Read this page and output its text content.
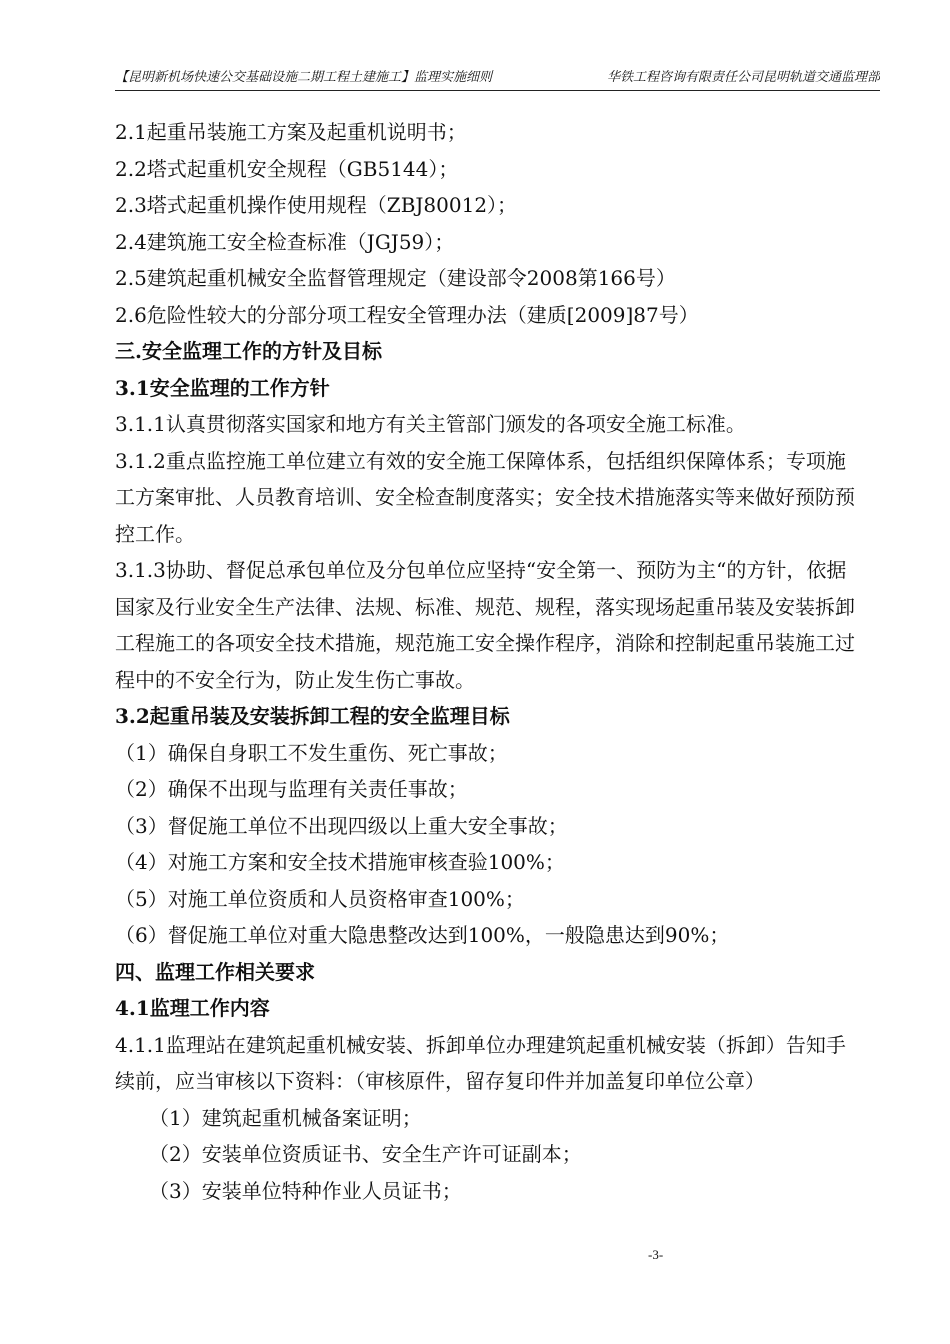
【昆明新机场快速公交基础设施二期工程土建施工】监理实施细则	华铁工程咨询有限责任公司昆明轨道交通监理部
2.1起重吊装施工方案及起重机说明书；
2.2塔式起重机安全规程（GB5144）；
2.3塔式起重机操作使用规程（ZBJ80012）；
2.4建筑施工安全检查标准（JGJ59）；
2.5建筑起重机械安全监督管理规定（建设部令2008第166号）
2.6危险性较大的分部分项工程安全管理办法（建质[2009]87号）
三.安全监理工作的方针及目标
3.1安全监理的工作方针
3.1.1认真贯彻落实国家和地方有关主管部门颁发的各项安全施工标准。
3.1.2重点监控施工单位建立有效的安全施工保障体系，包括组织保障体系；专项施工方案审批、人员教育培训、安全检查制度落实；安全技术措施落实等来做好预防预控工作。
3.1.3协助、督促总承包单位及分包单位应坚持“安全第一、预防为主“的方针，依据国家及行业安全生产法律、法规、标准、规范、规程，落实现场起重吊装及安装拆卸工程施工的各项安全技术措施，规范施工安全操作程序，消除和控制起重吊装施工过程中的不安全行为，防止发生伤亡事故。
3.2起重吊装及安装拆卸工程的安全监理目标
（1）确保自身职工不发生重伤、死亡事故；
（2）确保不出现与监理有关责任事故；
（3）督促施工单位不出现四级以上重大安全事故；
（4）对施工方案和安全技术措施审核查验100%；
（5）对施工单位资质和人员资格审查100%；
（6）督促施工单位对重大隐患整改达到100%，一般隐患达到90%；
四、监理工作相关要求
4.1监理工作内容
4.1.1监理站在建筑起重机械安装、拆卸单位办理建筑起重机械安装（拆卸）告知手续前，应当审核以下资料：（审核原件，留存复印件并加盖复印单位公章）
（1）建筑起重机械备案证明；
（2）安装单位资质证书、安全生产许可证副本；
（3）安装单位特种作业人员证书；
-3-
